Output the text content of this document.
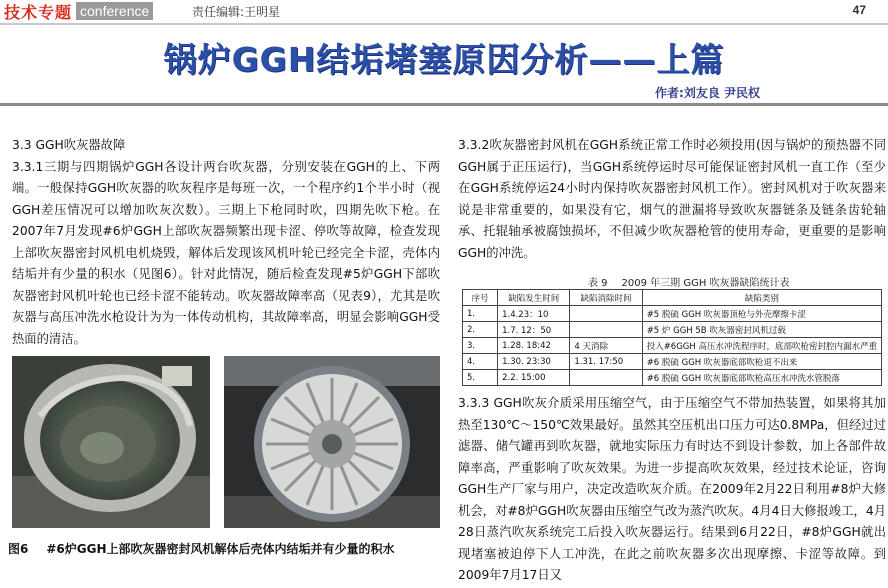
技术专题 conference	责任编辑:王明星	47
锅炉GGH结垢堵塞原因分析——上篇
作者:刘友良 尹民权

3.3 GGH吹灰器故障

3.3.1三期与四期锅炉GGH各设计两台吹灰器，分别安装在GGH的上、下两端。一般保持GGH吹灰器的吹灰程序是每班一次，一个程序约1个半小时（视GGH差压情况可以增加吹灰次数）。三期上下枪同时吹，四期先吹下枪。在2007年7月发现#6炉GGH上部吹灰器频繁出现卡涩、停吹等故障，检查发现上部吹灰器密封风机电机烧毁，解体后发现该风机叶轮已经完全卡涩，壳体内结垢并有少量的积水（见图6）。针对此情况，随后检查发现#5炉GGH下部吹灰器密封风机叶轮也已经卡涩不能转动。吹灰器故障率高（见表9），尤其是吹灰器与高压冲洗水枪设计为为一体传动机构，其故障率高，明显会影响GGH受热面的清洁。

图6 #6炉GGH上部吹灰器密封风机解体后壳体内结垢并有少量的积水

3.3.2吹灰器密封风机在GGH系统正常工作时必须投用(因与锅炉的预热器不同GGH属于正压运行)，当GGH系统停运时尽可能保证密封风机一直工作（至少在GGH系统停运24小时内保持吹灰器密封风机工作）。密封风机对于吹灰器来说是非常重要的，如果没有它，烟气的泄漏将导致吹灰器链条及链条齿轮轴承、托辊轴承被腐蚀损坏，不但减少吹灰器枪管的使用寿命，更重要的是影响GGH的冲洗。

表 9 2009 年三期 GGH 吹灰器缺陷统计表
序号	缺陷发生时间	缺陷消除时间	缺陷类别
1.	1.4.23：10		#5 脱硫 GGH 吹灰器顶枪与外壳摩擦卡涩
2.	1.7. 12：50		#5 炉 GGH 5B 吹灰器密封风机过载
3.	1.28. 18:42	4 天消除	投入#6GGH 高压水冲洗程序时，底部吹枪密封腔内漏水严重
4.	1.30. 23:30	1.31. 17:50	#6 脱硫 GGH 吹灰器底部吹枪退不出来
5.	2.2. 15:00		#6 脱硫 GGH 吹灰器底部吹枪高压水冲洗水管脱落

3.3.3 GGH吹灰介质采用压缩空气，由于压缩空气不带加热装置，如果将其加热至130℃～150℃效果最好。虽然其空压机出口压力可达0.8MPa，但经过过滤器、储气罐再到吹灰器，就地实际压力有时达不到设计参数，加上各部件故障率高，严重影响了吹灰效果。为进一步提高吹灰效果，经过技术论证，咨询GGH生产厂家与用户，决定改造吹灰介质。在2009年2月22日利用#8炉大修机会，对#8炉GGH吹灰器由压缩空气改为蒸汽吹灰。4月4日大修报竣工，4月28日蒸汽吹灰系统完工后投入吹灰器运行。结果到6月22日，#8炉GGH就出现堵塞被迫停下人工冲洗，在此之前吹灰器多次出现摩擦、卡涩等故障。到2009年7月17日又
